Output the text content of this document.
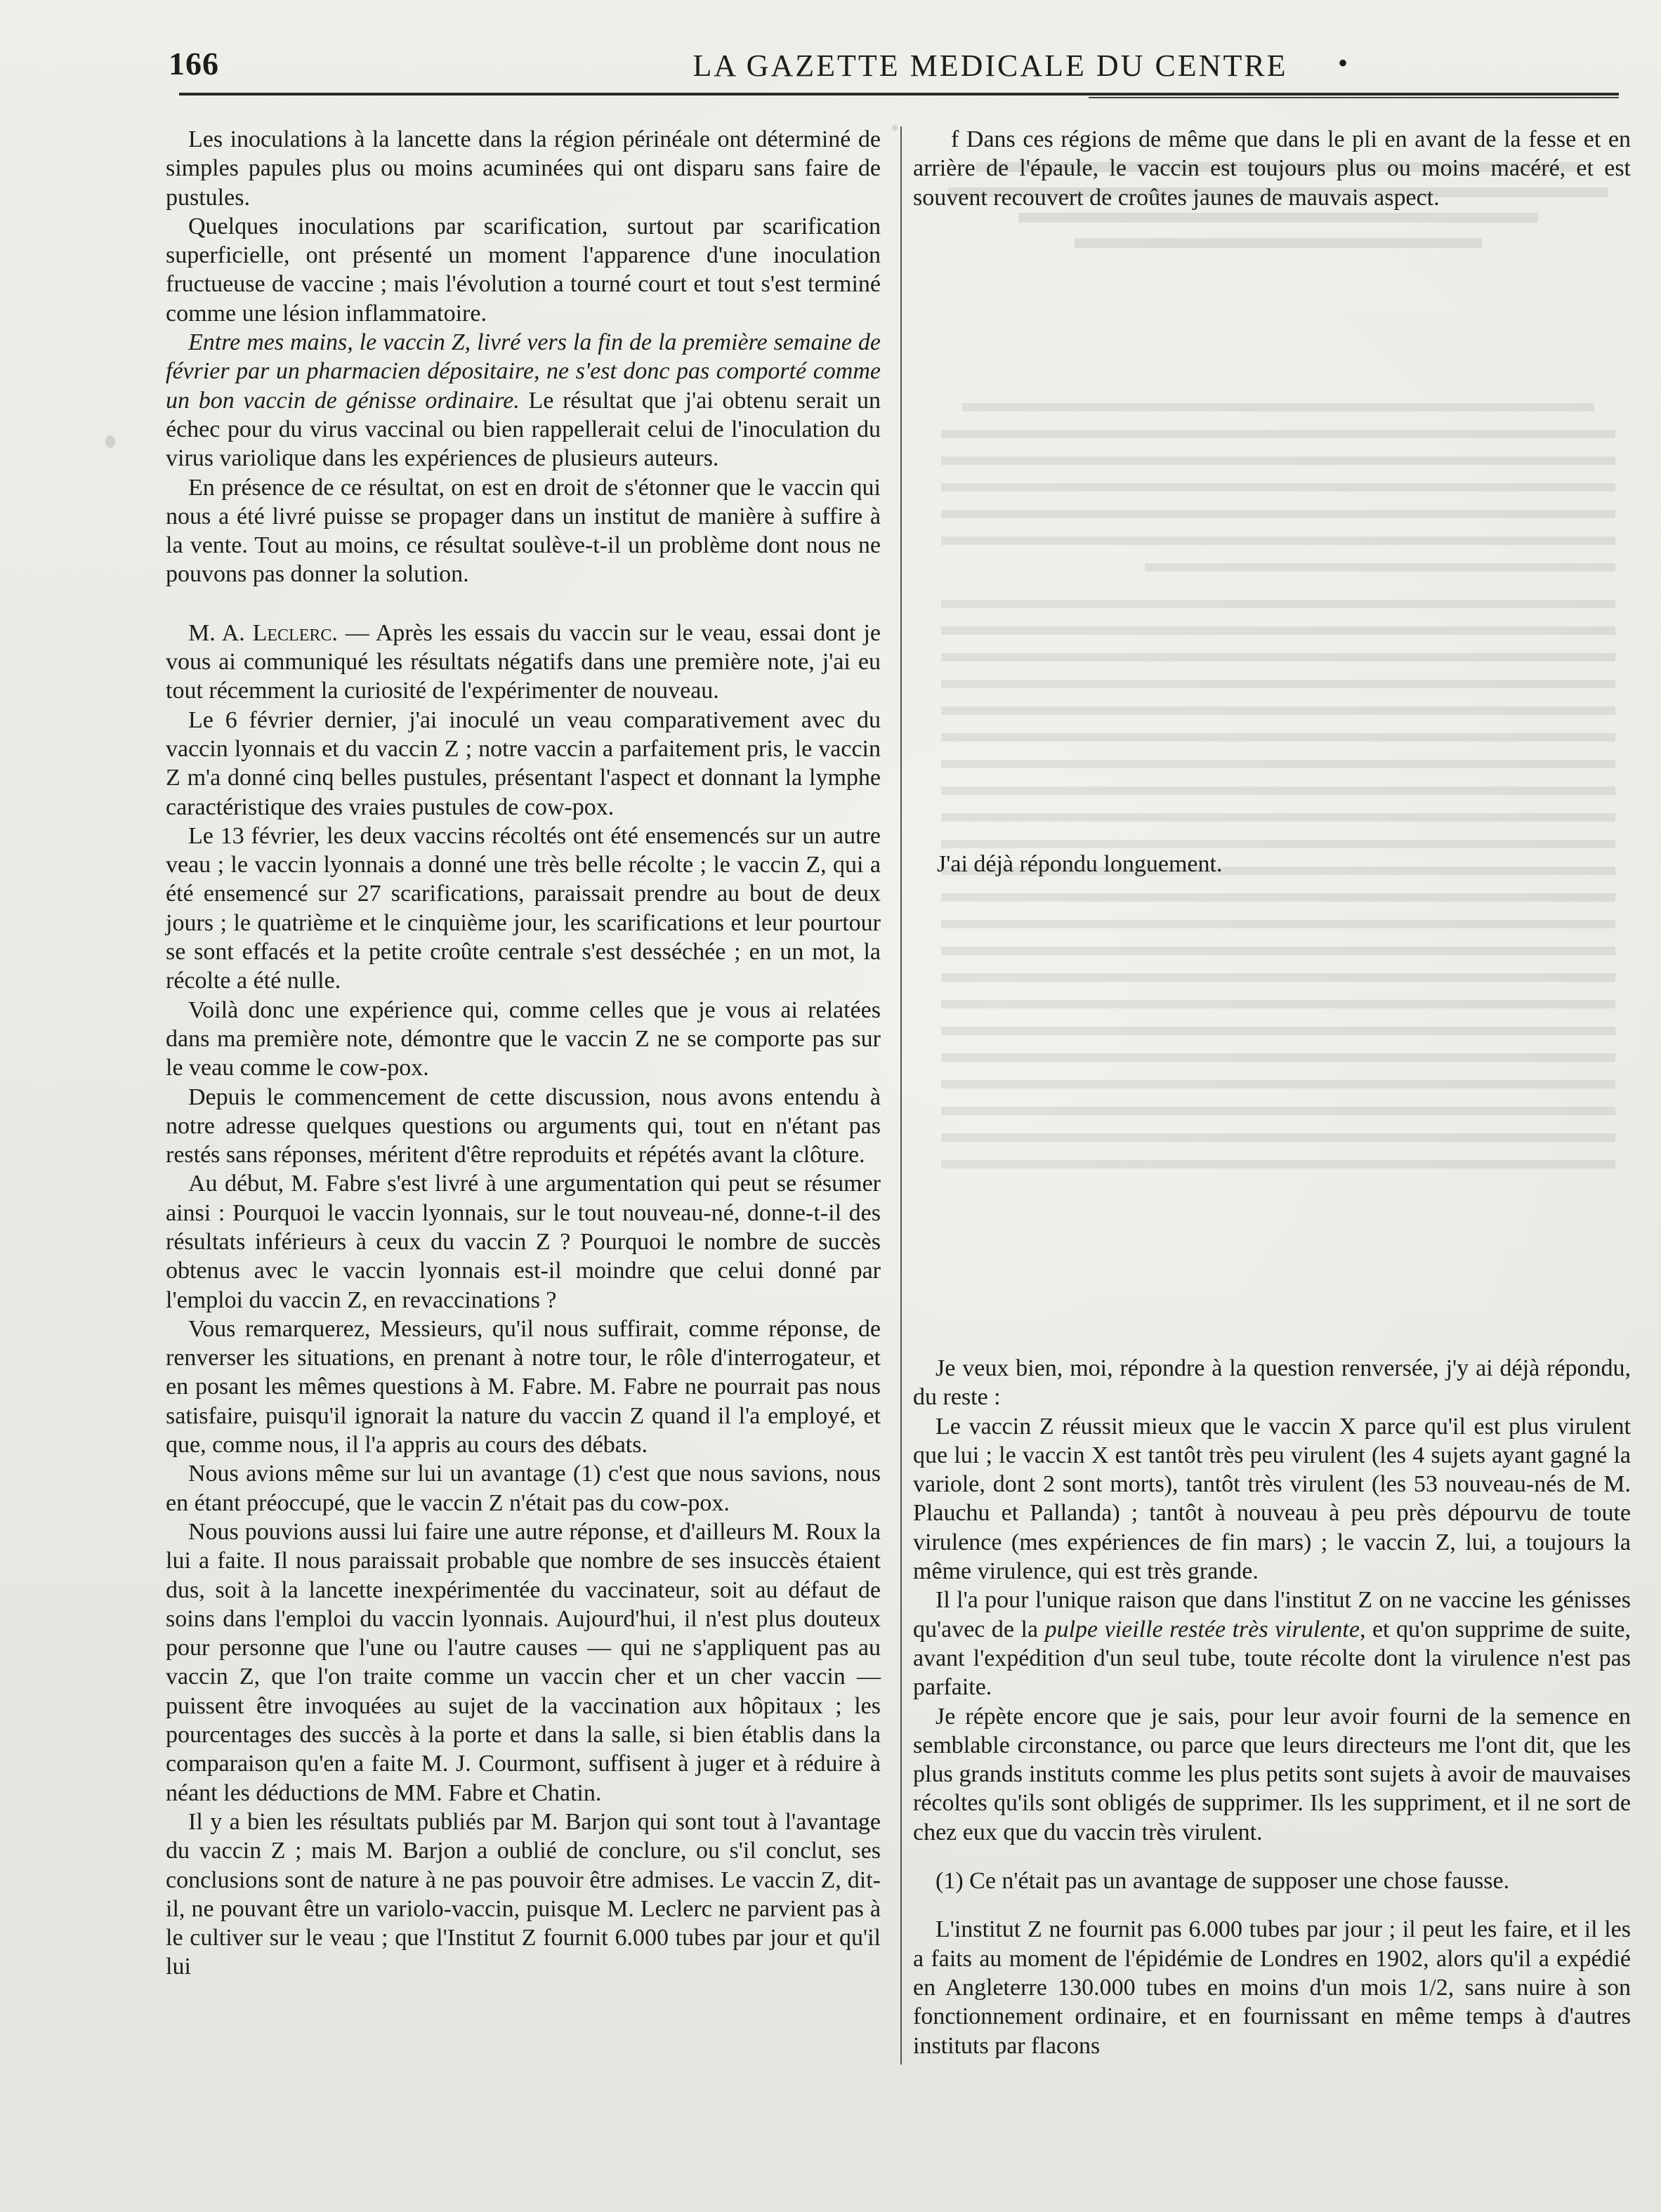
166	LA GAZETTE MEDICALE DU CENTRE	•

Les inoculations à la lancette dans la région périnéale ont déterminé de simples papules plus ou moins acuminées qui ont disparu sans faire de pustules.

Quelques inoculations par scarification, surtout par scarification superficielle, ont présenté un moment l'apparence d'une inoculation fructueuse de vaccine ; mais l'évolution a tourné court et tout s'est terminé comme une lésion inflammatoire.

Entre mes mains, le vaccin Z, livré vers la fin de la première semaine de février par un pharmacien dépositaire, ne s'est donc pas comporté comme un bon vaccin de génisse ordinaire. Le résultat que j'ai obtenu serait un échec pour du virus vaccinal ou bien rappellerait celui de l'inoculation du virus variolique dans les expériences de plusieurs auteurs.

En présence de ce résultat, on est en droit de s'étonner que le vaccin qui nous a été livré puisse se propager dans un institut de manière à suffire à la vente. Tout au moins, ce résultat soulève-t-il un problème dont nous ne pouvons pas donner la solution.

M. A. Leclerc. — Après les essais du vaccin sur le veau, essai dont je vous ai communiqué les résultats négatifs dans une première note, j'ai eu tout récemment la curiosité de l'expérimenter de nouveau.

Le 6 février dernier, j'ai inoculé un veau comparativement avec du vaccin lyonnais et du vaccin Z ; notre vaccin a parfaitement pris, le vaccin Z m'a donné cinq belles pustules, présentant l'aspect et donnant la lymphe caractéristique des vraies pustules de cow-pox.

Le 13 février, les deux vaccins récoltés ont été ensemencés sur un autre veau ; le vaccin lyonnais a donné une très belle récolte ; le vaccin Z, qui a été ensemencé sur 27 scarifications, paraissait prendre au bout de deux jours ; le quatrième et le cinquième jour, les scarifications et leur pourtour se sont effacés et la petite croûte centrale s'est desséchée ; en un mot, la récolte a été nulle.

Voilà donc une expérience qui, comme celles que je vous ai relatées dans ma première note, démontre que le vaccin Z ne se comporte pas sur le veau comme le cow-pox.

Depuis le commencement de cette discussion, nous avons entendu à notre adresse quelques questions ou arguments qui, tout en n'étant pas restés sans réponses, méritent d'être reproduits et répétés avant la clôture.

Au début, M. Fabre s'est livré à une argumentation qui peut se résumer ainsi : Pourquoi le vaccin lyonnais, sur le tout nouveau-né, donne-t-il des résultats inférieurs à ceux du vaccin Z ? Pourquoi le nombre de succès obtenus avec le vaccin lyonnais est-il moindre que celui donné par l'emploi du vaccin Z, en revaccinations ?

Vous remarquerez, Messieurs, qu'il nous suffirait, comme réponse, de renverser les situations, en prenant à notre tour, le rôle d'interrogateur, et en posant les mêmes questions à M. Fabre. M. Fabre ne pourrait pas nous satisfaire, puisqu'il ignorait la nature du vaccin Z quand il l'a employé, et que, comme nous, il l'a appris au cours des débats.

Nous avions même sur lui un avantage (1) c'est que nous savions, nous en étant préoccupé, que le vaccin Z n'était pas du cow-pox.

Nous pouvions aussi lui faire une autre réponse, et d'ailleurs M. Roux la lui a faite. Il nous paraissait probable que nombre de ses insuccès étaient dus, soit à la lancette inexpérimentée du vaccinateur, soit au défaut de soins dans l'emploi du vaccin lyonnais. Aujourd'hui, il n'est plus douteux pour personne que l'une ou l'autre causes — qui ne s'appliquent pas au vaccin Z, que l'on traite comme un vaccin cher et un cher vaccin — puissent être invoquées au sujet de la vaccination aux hôpitaux ; les pourcentages des succès à la porte et dans la salle, si bien établis dans la comparaison qu'en a faite M. J. Courmont, suffisent à juger et à réduire à néant les déductions de MM. Fabre et Chatin.

Il y a bien les résultats publiés par M. Barjon qui sont tout à l'avantage du vaccin Z ; mais M. Barjon a oublié de conclure, ou s'il conclut, ses conclusions sont de nature à ne pas pouvoir être admises. Le vaccin Z, dit-il, ne pouvant être un variolo-vaccin, puisque M. Leclerc ne parvient pas à le cultiver sur le veau ; que l'Institut Z fournit 6.000 tubes par jour et qu'il lui

f Dans ces régions de même que dans le pli en avant de la fesse et en arrière de l'épaule, le vaccin est toujours plus ou moins macéré, et est souvent recouvert de croûtes jaunes de mauvais aspect.

J'ai déjà répondu longuement.

Je veux bien, moi, répondre à la question renversée, j'y ai déjà répondu, du reste :

Le vaccin Z réussit mieux que le vaccin X parce qu'il est plus virulent que lui ; le vaccin X est tantôt très peu virulent (les 4 sujets ayant gagné la variole, dont 2 sont morts), tantôt très virulent (les 53 nouveau-nés de M. Plauchu et Pallanda) ; tantôt à nouveau à peu près dépourvu de toute virulence (mes expériences de fin mars) ; le vaccin Z, lui, a toujours la même virulence, qui est très grande.

Il l'a pour l'unique raison que dans l'institut Z on ne vaccine les génisses qu'avec de la pulpe vieille restée très virulente, et qu'on supprime de suite, avant l'expédition d'un seul tube, toute récolte dont la virulence n'est pas parfaite.

Je répète encore que je sais, pour leur avoir fourni de la semence en semblable circonstance, ou parce que leurs directeurs me l'ont dit, que les plus grands instituts comme les plus petits sont sujets à avoir de mauvaises récoltes qu'ils sont obligés de supprimer. Ils les suppriment, et il ne sort de chez eux que du vaccin très virulent.

(1) Ce n'était pas un avantage de supposer une chose fausse.

L'institut Z ne fournit pas 6.000 tubes par jour ; il peut les faire, et il les a faits au moment de l'épidémie de Londres en 1902, alors qu'il a expédié en Angleterre 130.000 tubes en moins d'un mois 1/2, sans nuire à son fonctionnement ordinaire, et en fournissant en même temps à d'autres instituts par flacons
